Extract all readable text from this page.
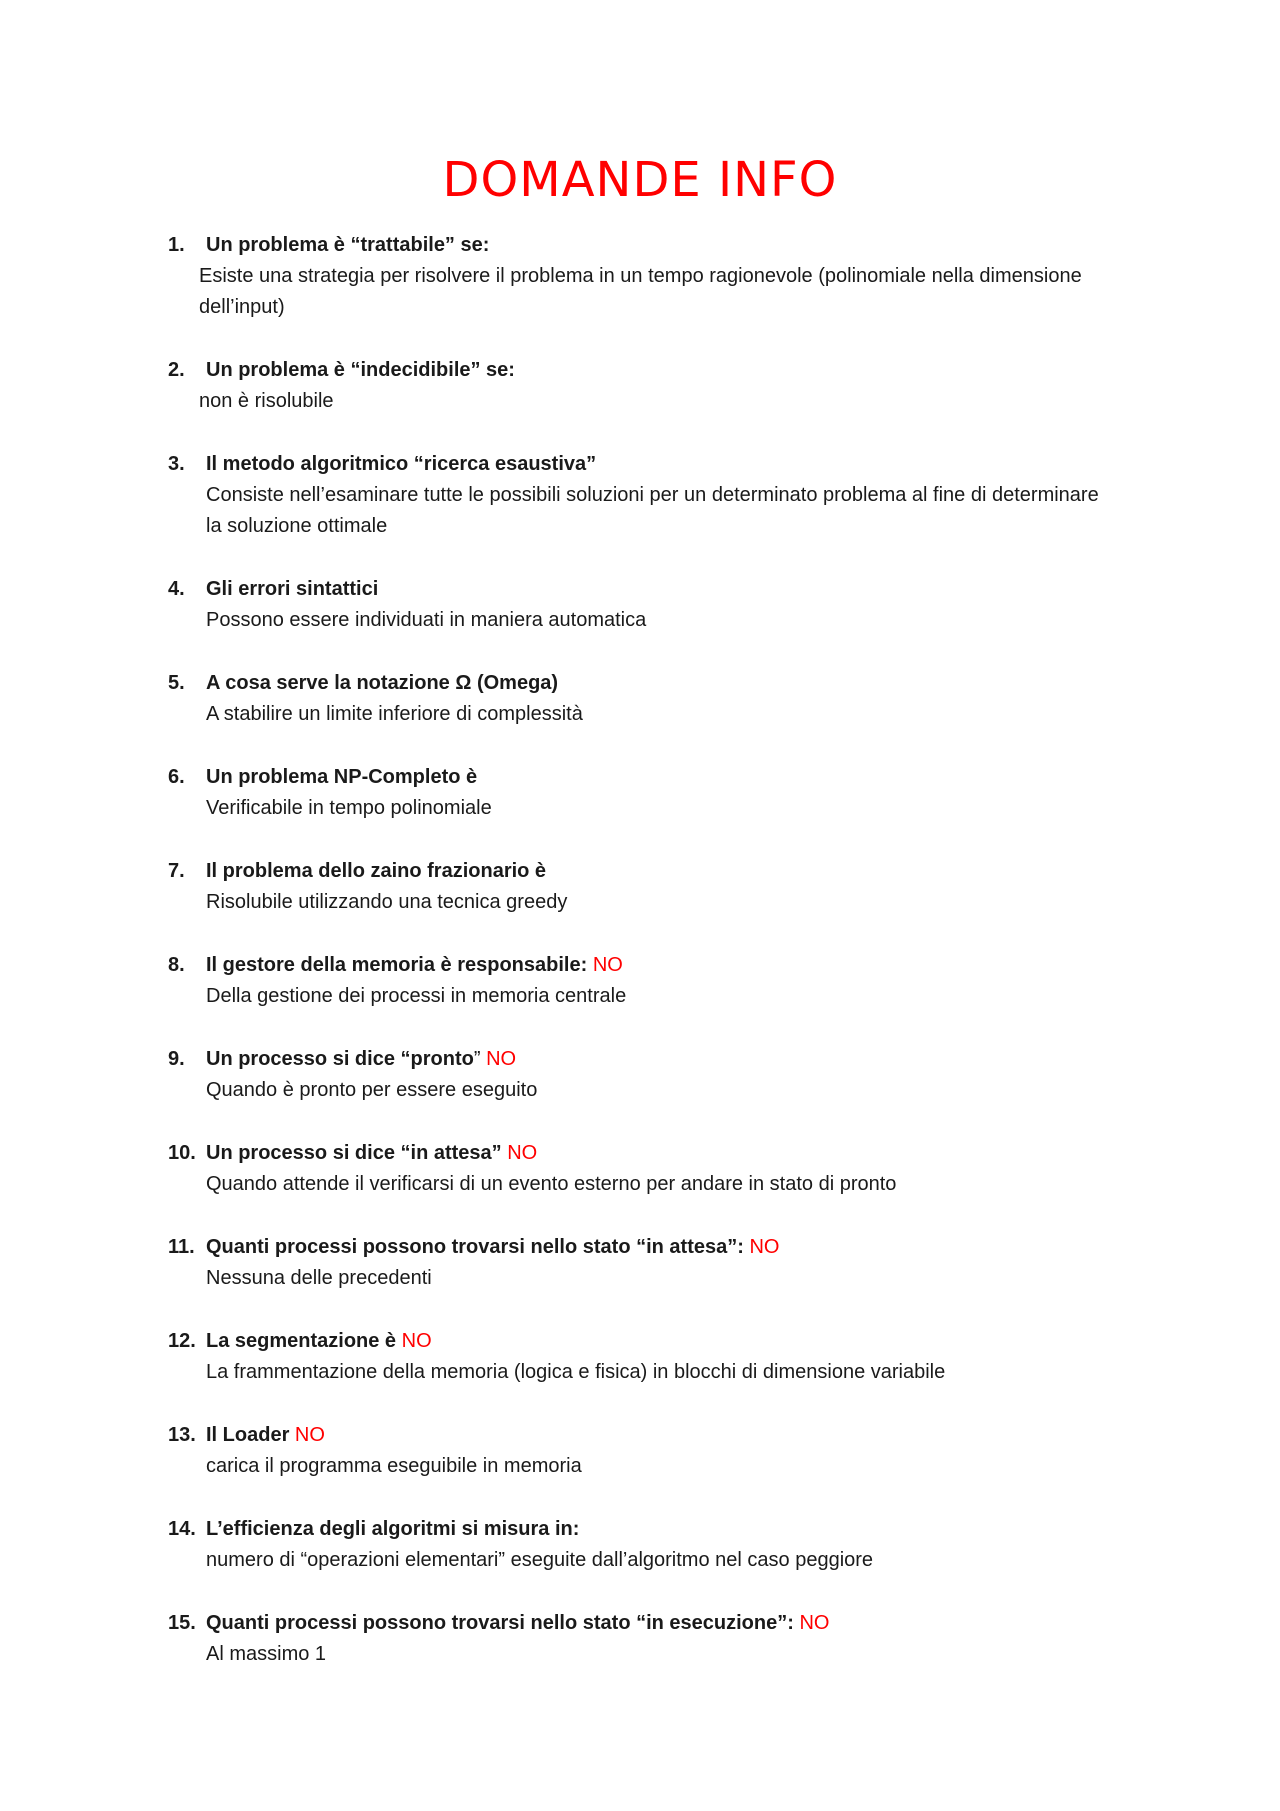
DOMANDE INFO
1.	Un problema è “trattabile” se:
Esiste una strategia per risolvere il problema in un tempo ragionevole (polinomiale nella dimensione dell’input)
2.	Un problema è “indecidibile” se:
non è risolubile
3.	Il metodo algoritmico “ricerca esaustiva”
Consiste nell’esaminare tutte le possibili soluzioni per un determinato problema al fine di determinare la soluzione ottimale
4.	Gli errori sintattici
Possono essere individuati in maniera automatica
5.	A cosa serve la notazione Ω (Omega)
A stabilire un limite inferiore di complessità
6.	Un problema NP-Completo è
Verificabile in tempo polinomiale
7.	Il problema dello zaino frazionario è
Risolubile utilizzando una tecnica greedy
8.	Il gestore della memoria è responsabile: NO
Della gestione dei processi in memoria centrale
9.	Un processo si dice “pronto” NO
Quando è pronto per essere eseguito
10. Un processo si dice “in attesa” NO
Quando attende il verificarsi di un evento esterno per andare in stato di pronto
11. Quanti processi possono trovarsi nello stato “in attesa”: NO
Nessuna delle precedenti
12. La segmentazione è NO
La frammentazione della memoria (logica e fisica) in blocchi di dimensione variabile
13. Il Loader NO
carica il programma eseguibile in memoria
14. L’efficienza degli algoritmi si misura in:
numero di “operazioni elementari” eseguite dall’algoritmo nel caso peggiore
15. Quanti processi possono trovarsi nello stato “in esecuzione”: NO
Al massimo 1
